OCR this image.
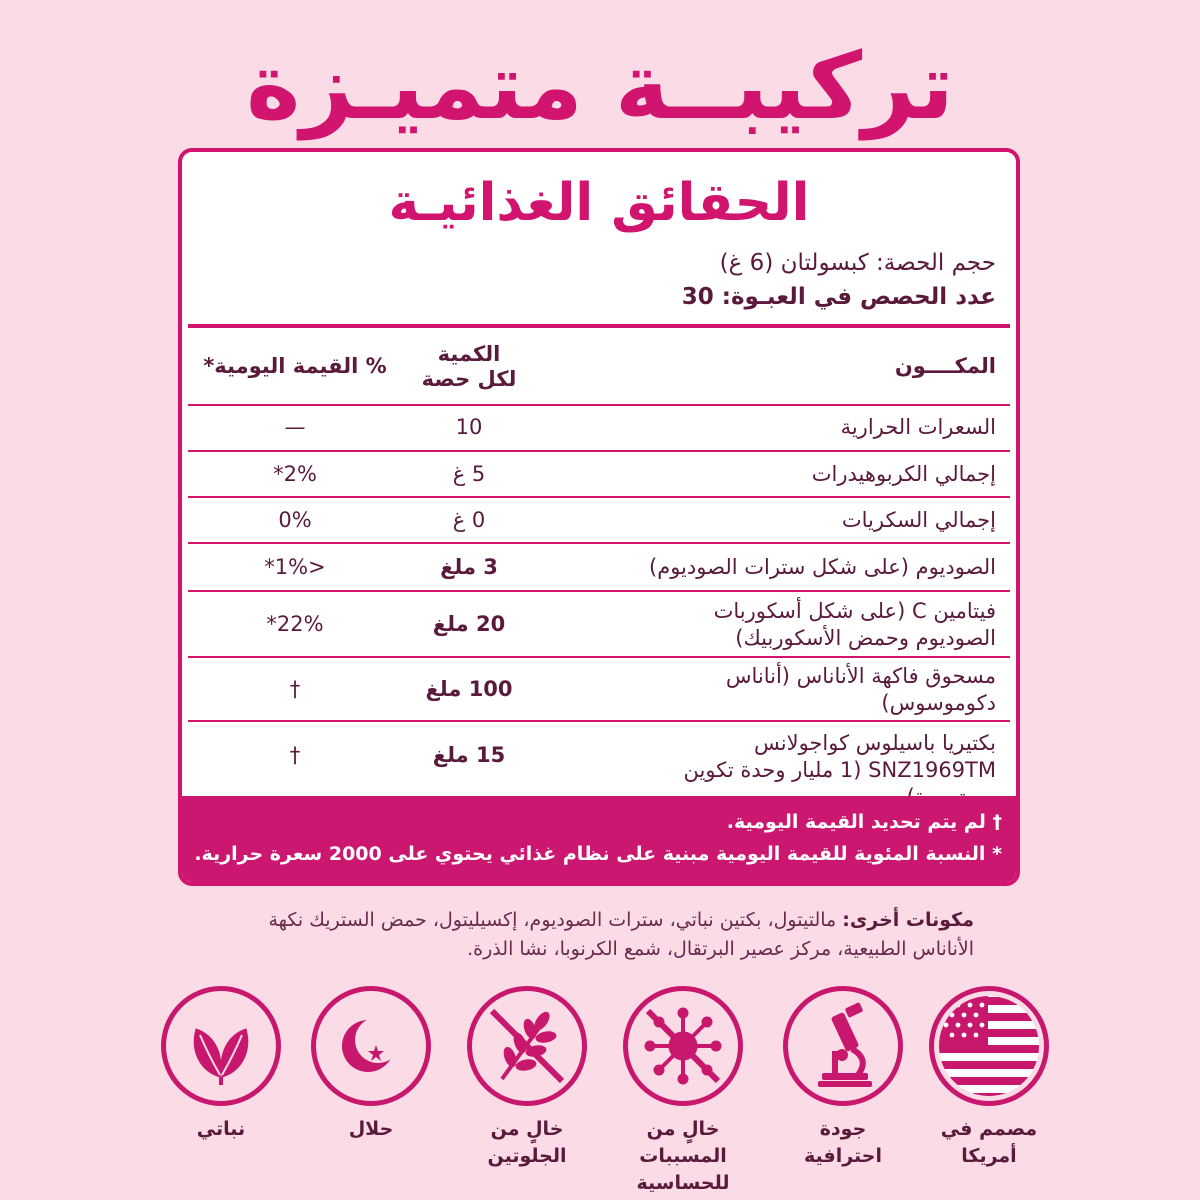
تركيبــة متميـزة
الحقائق الغذائيـة
حجم الحصة: كبسولتان (6 غ)
عدد الحصص في العبـوة: 30
المكــــون
الكمية
لكل حصة
% القيمة اليومية*
السعرات الحرارية
10
—
إجمالي الكربوهيدرات
5 غ
2%*
إجمالي السكريات
0 غ
0%
الصوديوم (على شكل سترات الصوديوم)
3 ملغ
<1%*
فيتامين C (على شكل أسكوربات الصوديوم وحمض الأسكوربيك)
20 ملغ
22%*
مسحوق فاكهة الأناناس (أناناس دكوموسوس)
100 ملغ
†
بكتيريا باسيلوس كواجولانس SNZ1969TM (1 مليار وحدة تكوين
15 ملغ
†
† لم يتم تحديد القيمة اليومية.
* النسبة المئوية للقيمة اليومية مبنية على نظام غذائي يحتوي على 2000 سعرة حرارية.
مكونات أخرى: مالتيتول، بكتين نباتي، سترات الصوديوم، إكسيليتول، حمض الستريك نكهة الأناناس الطبيعية، مركز عصير البرتقال، شمع الكرنوبا، نشا الذرة.
مصمم في
أمريكا
جودة احترافية
خالٍ من
المسببات للحساسية
خالٍ من
الجلوتين
حلال
نباتي
